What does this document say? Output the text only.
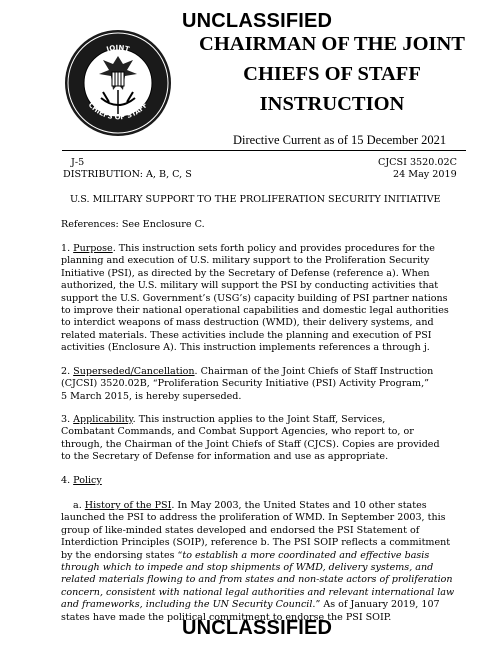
UNCLASSIFIED
JOINT
CHIEFS OF STAFF
CHAIRMAN OF THE JOINT
CHIEFS OF STAFF
INSTRUCTION
Directive Current as of 15 December 2021
J-5
DISTRIBUTION: A, B, C, S
CJCSI 3520.02C
24 May 2019
U.S. MILITARY SUPPORT TO THE PROLIFERATION SECURITY INITIATIVE
References: See Enclosure C.
1. Purpose. This instruction sets forth policy and provides procedures for the
planning and execution of U.S. military support to the Proliferation Security
Initiative (PSI), as directed by the Secretary of Defense (reference a). When
authorized, the U.S. military will support the PSI by conducting activities that
support the U.S. Government’s (USG’s) capacity building of PSI partner nations
to improve their national operational capabilities and domestic legal authorities
to interdict weapons of mass destruction (WMD), their delivery systems, and
related materials. These activities include the planning and execution of PSI
activities (Enclosure A). This instruction implements references a through j.
2. Superseded/Cancellation. Chairman of the Joint Chiefs of Staff Instruction
(CJCSI) 3520.02B, “Proliferation Security Initiative (PSI) Activity Program,”
5 March 2015, is hereby superseded.
3. Applicability. This instruction applies to the Joint Staff, Services,
Combatant Commands, and Combat Support Agencies, who report to, or
through, the Chairman of the Joint Chiefs of Staff (CJCS). Copies are provided
to the Secretary of Defense for information and use as appropriate.
4. Policy
a. History of the PSI. In May 2003, the United States and 10 other states
launched the PSI to address the proliferation of WMD. In September 2003, this
group of like-minded states developed and endorsed the PSI Statement of
Interdiction Principles (SOIP), reference b. The PSI SOIP reflects a commitment
by the endorsing states “to establish a more coordinated and effective basis
through which to impede and stop shipments of WMD, delivery systems, and
related materials flowing to and from states and non-state actors of proliferation
concern, consistent with national legal authorities and relevant international law
and frameworks, including the UN Security Council.” As of January 2019, 107
states have made the political commitment to endorse the PSI SOIP.
UNCLASSIFIED
